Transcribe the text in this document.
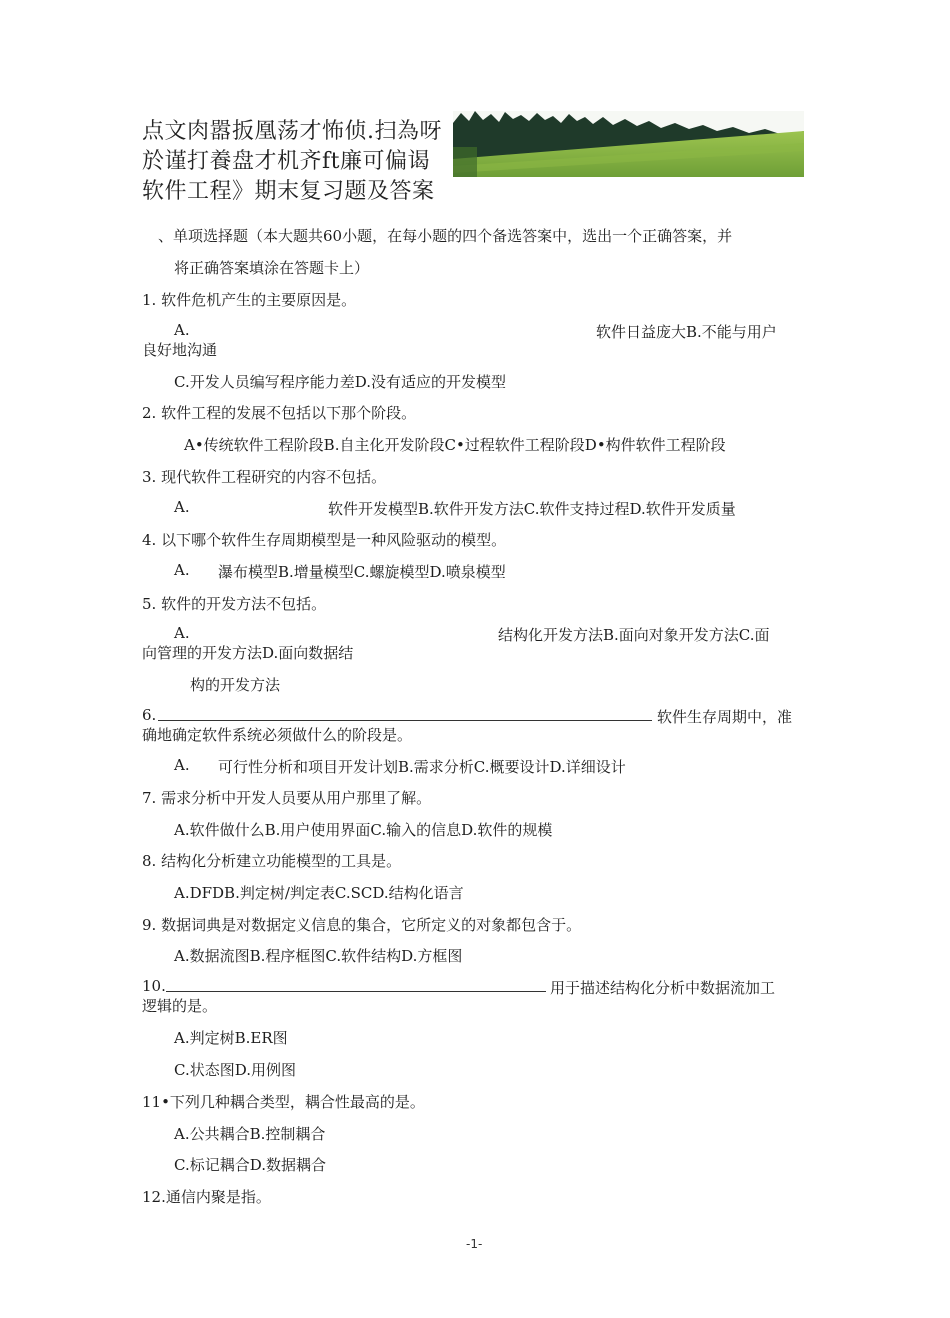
点文肉嚣扳凰荡才怖侦.扫為呀
於谨打養盘才机齐ft廉可偏谒
软件工程》期末复习题及答案
、单项选择题（本大题共60小题，在每小题的四个备选答案中，选出一个正确答案，并
将正确答案填涂在答题卡上）
1. 软件危机产生的主要原因是。
A.	软件日益庞大B.不能与用户
良好地沟通
C.开发人员编写程序能力差D.没有适应的开发模型
2. 软件工程的发展不包括以下那个阶段。
A•传统软件工程阶段B.自主化开发阶段C•过程软件工程阶段D•构件软件工程阶段
3. 现代软件工程研究的内容不包括。
A.	软件开发模型B.软件开发方法C.软件支持过程D.软件开发质量
4. 以下哪个软件生存周期模型是一种风险驱动的模型。
A. 瀑布模型B.增量模型C.螺旋模型D.喷泉模型
5. 软件的开发方法不包括。
A.	结构化开发方法B.面向对象开发方法C.面
向管理的开发方法D.面向数据结
构的开发方法
6.	软件生存周期中，准
确地确定软件系统必须做什么的阶段是。
A. 可行性分析和项目开发计划B.需求分析C.概要设计D.详细设计
7. 需求分析中开发人员要从用户那里了解。
A.软件做什么B.用户使用界面C.输入的信息D.软件的规模
8. 结构化分析建立功能模型的工具是。
A.DFDB.判定树/判定表C.SCD.结构化语言
9. 数据词典是对数据定义信息的集合，它所定义的对象都包含于。
A.数据流图B.程序框图C.软件结构D.方框图
10.	用于描述结构化分析中数据流加工
逻辑的是。
A.判定树B.ER图
C.状态图D.用例图
11•下列几种耦合类型，耦合性最高的是。
A.公共耦合B.控制耦合
C.标记耦合D.数据耦合
12.通信内聚是指。
-1-
